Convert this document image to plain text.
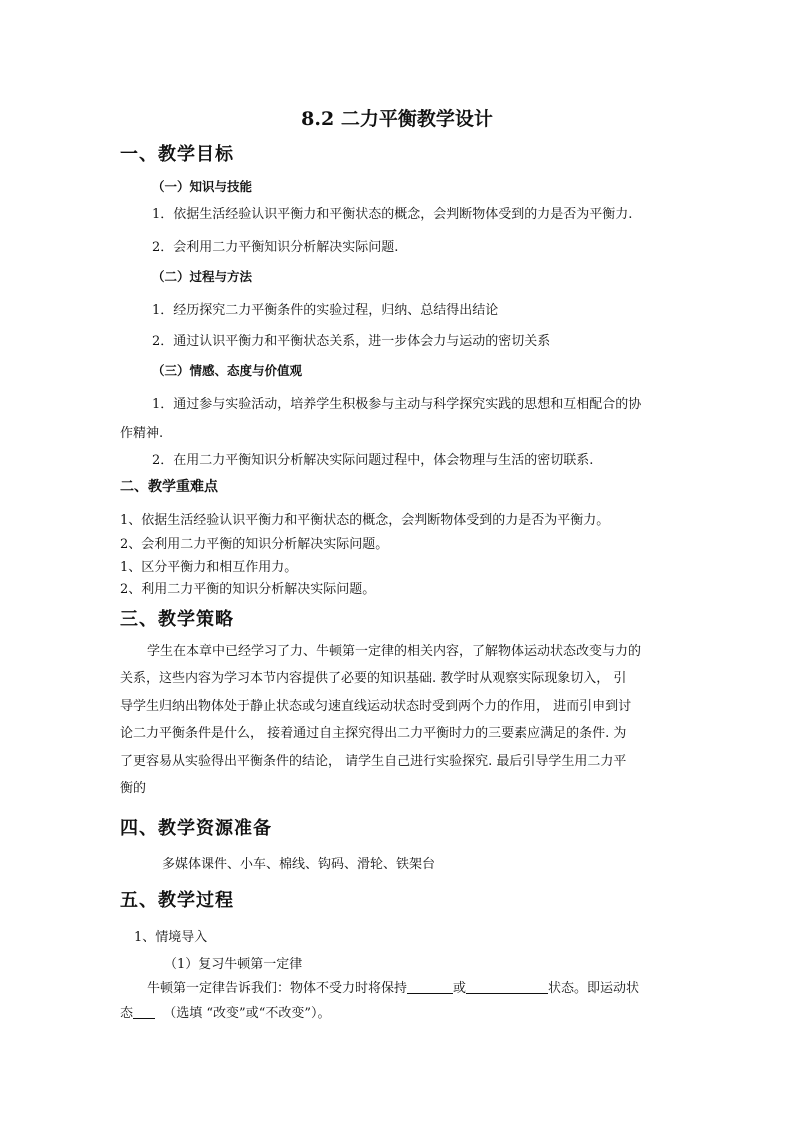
8.2 二力平衡教学设计
一、教学目标
（一）知识与技能
1．依据生活经验认识平衡力和平衡状态的概念，会判断物体受到的力是否为平衡力.
2．会利用二力平衡知识分析解决实际问题.
（二）过程与方法
1．经历探究二力平衡条件的实验过程，归纳、总结得出结论
2．通过认识平衡力和平衡状态关系，进一步体会力与运动的密切关系
（三）情感、态度与价值观
1．通过参与实验活动，培养学生积极参与主动与科学探究实践的思想和互相配合的协
作精神.
2．在用二力平衡知识分析解决实际问题过程中，体会物理与生活的密切联系.
二、教学重难点
1、依据生活经验认识平衡力和平衡状态的概念，会判断物体受到的力是否为平衡力。
2、会利用二力平衡的知识分析解决实际问题。
1、区分平衡力和相互作用力。
2、利用二力平衡的知识分析解决实际问题。
三、教学策略
学生在本章中已经学习了力、牛顿第一定律的相关内容，了解物体运动状态改变与力的
关系，这些内容为学习本节内容提供了必要的知识基础. 教学时从观察实际现象切入， 引
导学生归纳出物体处于静止状态或匀速直线运动状态时受到两个力的作用， 进而引申到讨
论二力平衡条件是什么， 接着通过自主探究得出二力平衡时力的三要素应满足的条件. 为
了更容易从实验得出平衡条件的结论， 请学生自己进行实验探究. 最后引导学生用二力平
衡的
四、教学资源准备
多媒体课件、小车、棉线、钩码、滑轮、铁架台
五、教学过程
1、情境导入
（1）复习牛顿第一定律
牛顿第一定律告诉我们：物体不受力时将保持	或	状态。即运动状
态 （选填 “改变”或“不改变”）。
